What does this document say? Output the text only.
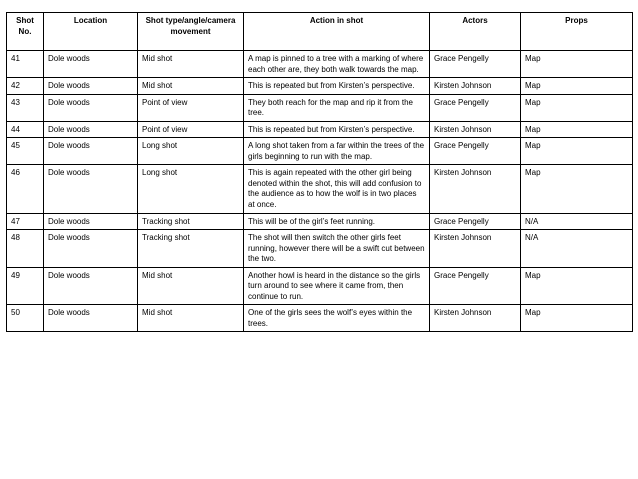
Shot No.	Location	Shot type/angle/camera movement	Action in shot	Actors	Props
41	Dole woods	Mid shot	A map is pinned to a tree with a marking of where each other are, they both walk towards the map.	Grace Pengelly	Map
42	Dole woods	Mid shot	This is repeated but from Kirsten’s perspective.	Kirsten Johnson	Map
43	Dole woods	Point of view	They both reach for the map and rip it from the tree.	Grace Pengelly	Map
44	Dole woods	Point of view	This is repeated but from Kirsten’s perspective.	Kirsten Johnson	Map
45	Dole woods	Long shot	A long shot taken from a far within the trees of the girls beginning to run with the map.	Grace Pengelly	Map
46	Dole woods	Long shot	This is again repeated with the other girl being denoted within the shot, this will add confusion to the audience as to how the wolf is in two places at once.	Kirsten Johnson	Map
47	Dole woods	Tracking shot	This will be of the girl’s feet running.	Grace Pengelly	N/A
48	Dole woods	Tracking shot	The shot will then switch the other girls feet running, however there will be a swift cut between the two.	Kirsten Johnson	N/A
49	Dole woods	Mid shot	Another howl is heard in the distance so the girls turn around to see where it came from, then continue to run.	Grace Pengelly	Map
50	Dole woods	Mid shot	One of the girls sees the wolf’s eyes within the trees.	Kirsten Johnson	Map
